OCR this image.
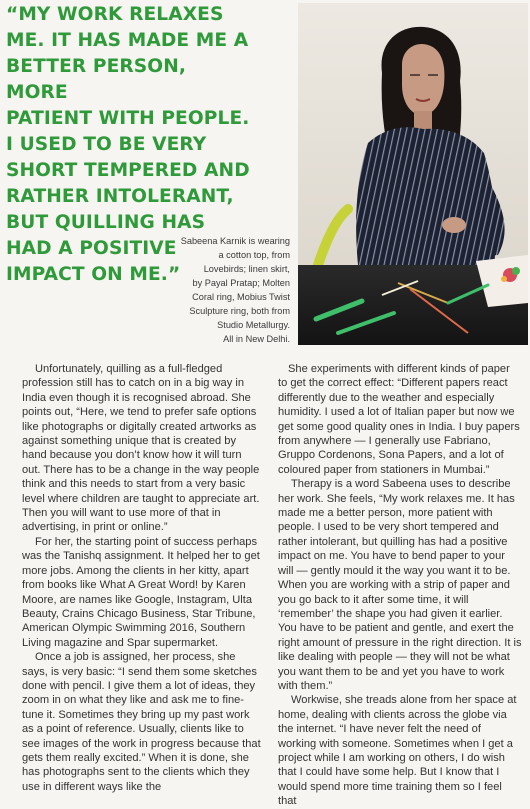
“MY WORK RELAXES
ME. IT HAS MADE ME A
BETTER PERSON, MORE
PATIENT WITH PEOPLE.
I USED TO BE VERY
SHORT TEMPERED AND
RATHER INTOLERANT,
BUT QUILLING HAS
HAD A POSITIVE
IMPACT ON ME.”
Sabeena Karnik is wearing
a cotton top, from
Lovebirds; linen skirt,
by Payal Pratap; Molten
Coral ring, Mobius Twist
Sculpture ring, both from
Studio Metallurgy.
All in New Delhi.

Unfortunately, quilling as a full-fledged profession still has to catch on in a big way in India even though it is recognised abroad. She points out, “Here, we tend to prefer safe options like photographs or digitally created artworks as against something unique that is created by hand because you don’t know how it will turn out. There has to be a change in the way people think and this needs to start from a very basic level where children are taught to appreciate art. Then you will want to use more of that in advertising, in print or online.”

For her, the starting point of success perhaps was the Tanishq assignment. It helped her to get more jobs. Among the clients in her kitty, apart from books like What A Great Word! by Karen Moore, are names like Google, Instagram, Ulta Beauty, Crains Chicago Business, Star Tribune, American Olympic Swimming 2016, Southern Living magazine and Spar supermarket.

Once a job is assigned, her process, she says, is very basic: “I send them some sketches done with pencil. I give them a lot of ideas, they zoom in on what they like and ask me to fine-tune it. Sometimes they bring up my past work as a point of reference. Usually, clients like to see images of the work in progress because that gets them really excited.” When it is done, she has photographs sent to the clients which they use in different ways like the

She experiments with different kinds of paper to get the correct effect: “Different papers react differently due to the weather and especially humidity. I used a lot of Italian paper but now we get some good quality ones in India. I buy papers from anywhere — I generally use Fabriano, Gruppo Cordenons, Sona Papers, and a lot of coloured paper from stationers in Mumbai.”

Therapy is a word Sabeena uses to describe her work. She feels, “My work relaxes me. It has made me a better person, more patient with people. I used to be very short tempered and rather intolerant, but quilling has had a positive impact on me. You have to bend paper to your will — gently mould it the way you want it to be. When you are working with a strip of paper and you go back to it after some time, it will ‘remember’ the shape you had given it earlier. You have to be patient and gentle, and exert the right amount of pressure in the right direction. It is like dealing with people — they will not be what you want them to be and yet you have to work with them.”

Workwise, she treads alone from her space at home, dealing with clients across the globe via the internet. “I have never felt the need of working with someone. Sometimes when I get a project while I am working on others, I do wish that I could have some help. But I know that I would spend more time training them so I feel that
